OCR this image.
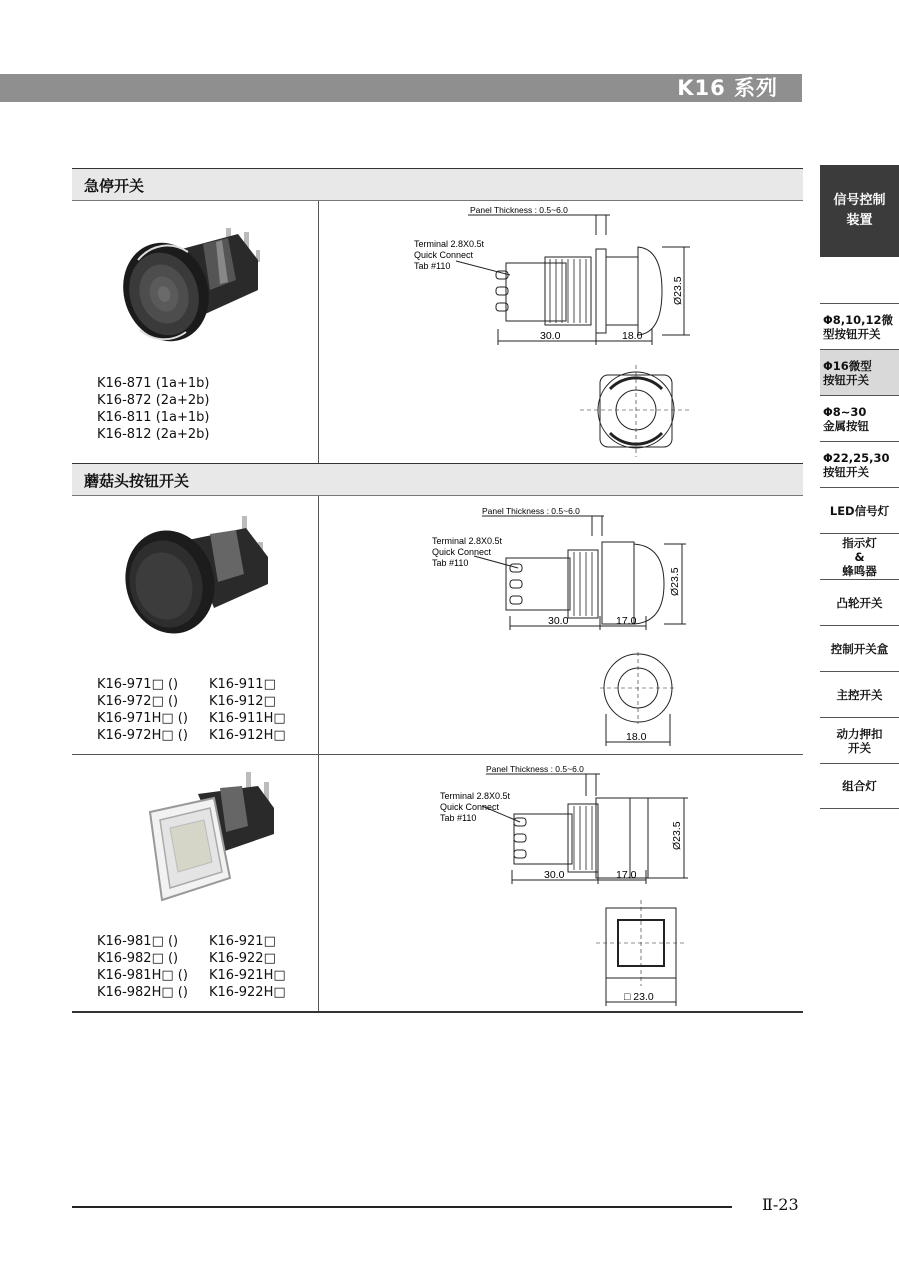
K16 系列
信号控制
装置
Φ8,10,12微
型按钮开关
Φ16微型
按钮开关
Φ8~30
金属按钮
Φ22,25,30
按钮开关
LED信号灯
指示灯
&
蜂鸣器
凸轮开关
控制开关盒
主控开关
动力押扣
开关
组合灯
急停开关
蘑菇头按钮开关
K16-871 (1a+1b)
K16-872 (2a+2b)
K16-811 (1a+1b)
K16-812 (2a+2b)
K16-971□ ()	K16-911□
K16-972□ ()	K16-912□
K16-971H□ ()	K16-911H□
K16-972H□ ()	K16-912H□
K16-981□ ()	K16-921□
K16-982□ ()	K16-922□
K16-981H□ ()	K16-921H□
K16-982H□ ()	K16-922H□
Panel Thickness : 0.5~6.0
Terminal 2.8X0.5t
Quick Connect
Tab #110
30.0	18.0
Ø23.5
Panel Thickness : 0.5~6.0
Terminal 2.8X0.5t
Quick Connect
Tab #110
30.0	17.0
Ø23.5
18.0
Panel Thickness : 0.5~6.0
Terminal 2.8X0.5t
Quick Connect
Tab #110
30.0	17.0
Ø23.5
□ 23.0
Ⅱ-23
